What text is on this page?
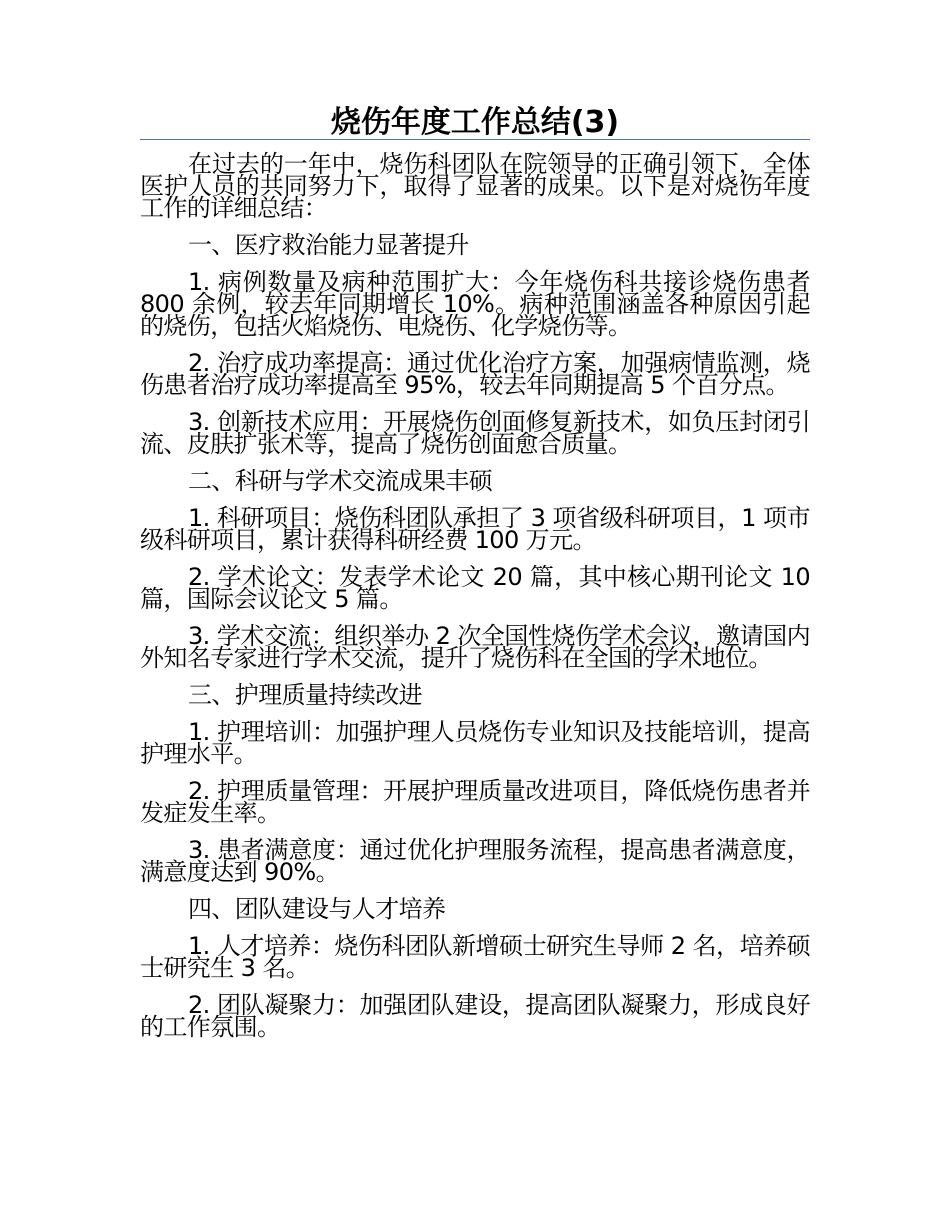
烧伤年度工作总结(3)

在过去的一年中，烧伤科团队在院领导的正确引领下，全体医护人员的共同努力下，取得了显著的成果。以下是对烧伤年度工作的详细总结：

一、医疗救治能力显著提升

1. 病例数量及病种范围扩大：今年烧伤科共接诊烧伤患者 800 余例，较去年同期增长 10%。病种范围涵盖各种原因引起的烧伤，包括火焰烧伤、电烧伤、化学烧伤等。

2. 治疗成功率提高：通过优化治疗方案，加强病情监测，烧伤患者治疗成功率提高至 95%，较去年同期提高 5 个百分点。

3. 创新技术应用：开展烧伤创面修复新技术，如负压封闭引流、皮肤扩张术等，提高了烧伤创面愈合质量。

二、科研与学术交流成果丰硕

1. 科研项目：烧伤科团队承担了 3 项省级科研项目，1 项市级科研项目，累计获得科研经费 100 万元。

2. 学术论文：发表学术论文 20 篇，其中核心期刊论文 10 篇，国际会议论文 5 篇。

3. 学术交流：组织举办 2 次全国性烧伤学术会议，邀请国内外知名专家进行学术交流，提升了烧伤科在全国的学术地位。

三、护理质量持续改进

1. 护理培训：加强护理人员烧伤专业知识及技能培训，提高护理水平。

2. 护理质量管理：开展护理质量改进项目，降低烧伤患者并发症发生率。

3. 患者满意度：通过优化护理服务流程，提高患者满意度，满意度达到 90%。

四、团队建设与人才培养

1. 人才培养：烧伤科团队新增硕士研究生导师 2 名，培养硕士研究生 3 名。

2. 团队凝聚力：加强团队建设，提高团队凝聚力，形成良好的工作氛围。
